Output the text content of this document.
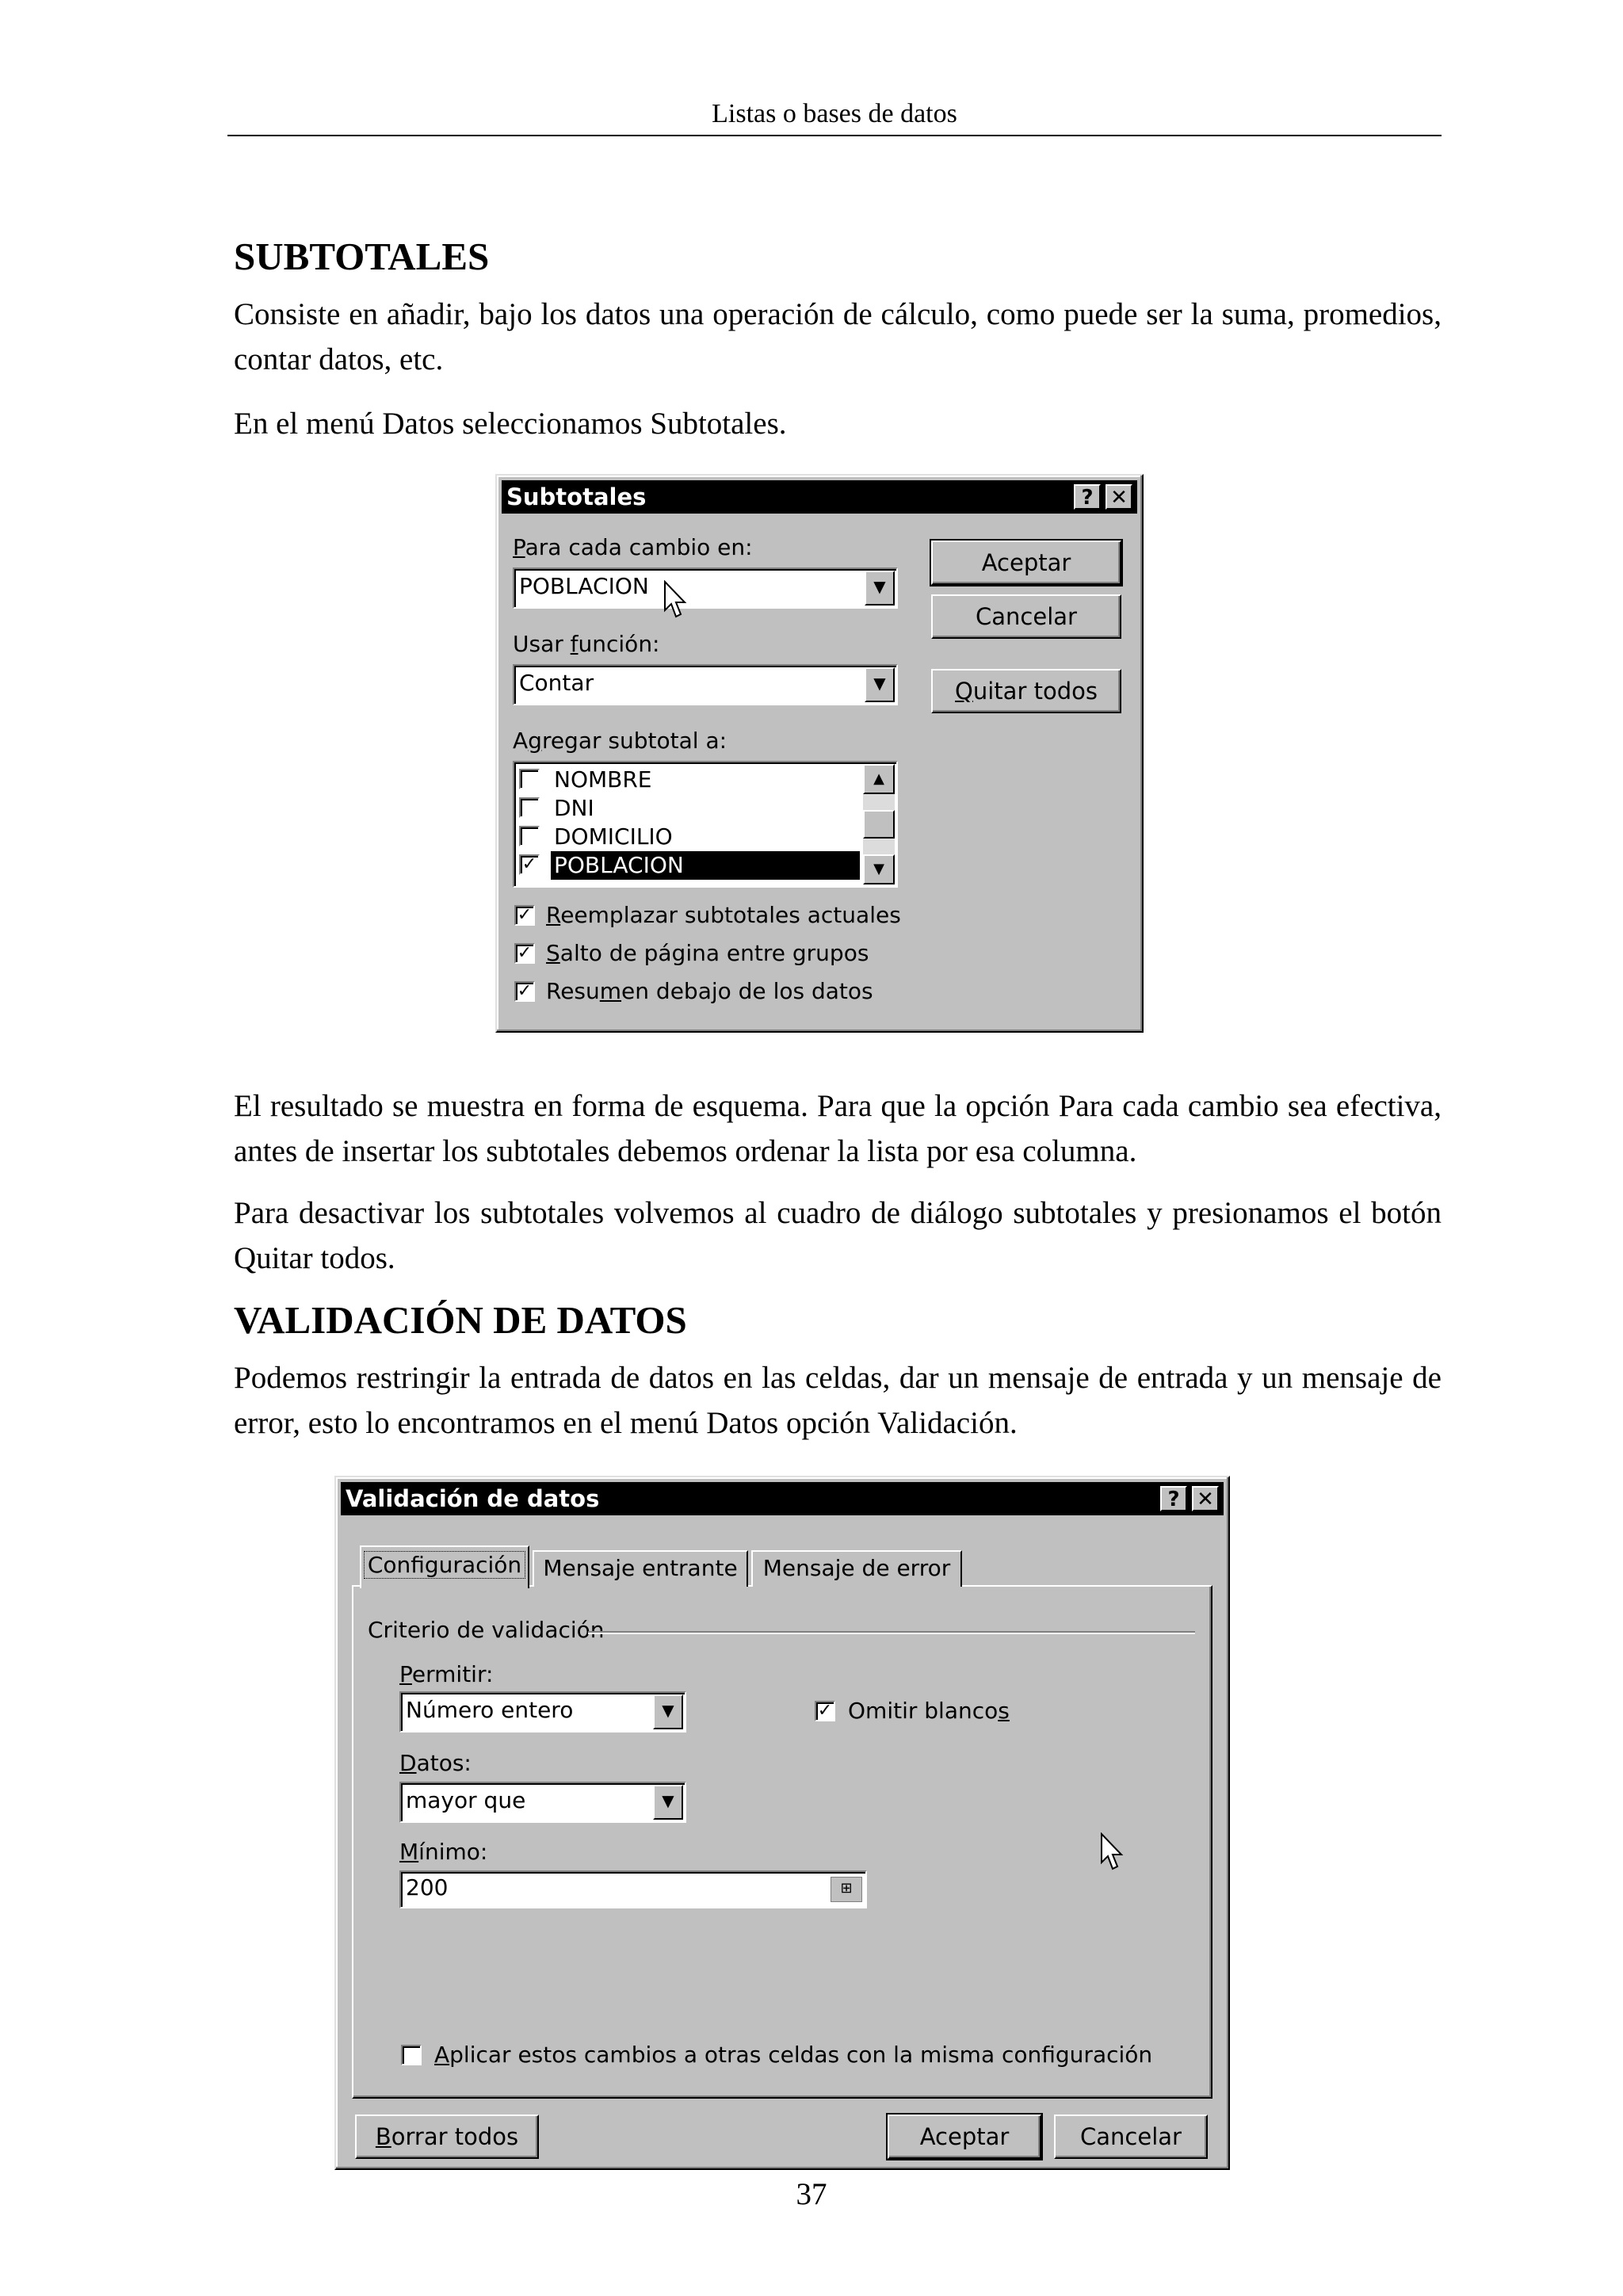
Listas o bases de datos
SUBTOTALES

Consiste en añadir, bajo los datos una operación de cálculo, como puede ser la suma, promedios, contar datos, etc.

En el menú Datos seleccionamos Subtotales.

Subtotales	? ✕
Para cada cambio en:
POBLACION	▼
Usar función:
Contar	▼
Agregar subtotal a:
NOMBRE
DNI
DOMICILIO
✓ POBLACION
▲
▼
✓ Reemplazar subtotales actuales
✓ Salto de página entre grupos
✓ Resumen debajo de los datos
Aceptar
Cancelar
Quitar todos

El resultado se muestra en forma de esquema. Para que la opción Para cada cambio sea efectiva, antes de insertar los subtotales debemos ordenar la lista por esa columna.

Para desactivar los subtotales volvemos al cuadro de diálogo subtotales y presionamos el botón Quitar todos.

VALIDACIÓN DE DATOS

Podemos restringir la entrada de datos en las celdas, dar un mensaje de entrada y un mensaje de error, esto lo encontramos en el menú Datos opción Validación.

Validación de datos	? ✕
Configuración Mensaje entrante	Mensaje de error
Criterio de validación
Permitir:
Número entero	▼	✓ Omitir blancos
Datos:
mayor que	▼
Mínimo:
200	⊞
Aplicar estos cambios a otras celdas con la misma configuración
Borrar todos	Aceptar	Cancelar
37
